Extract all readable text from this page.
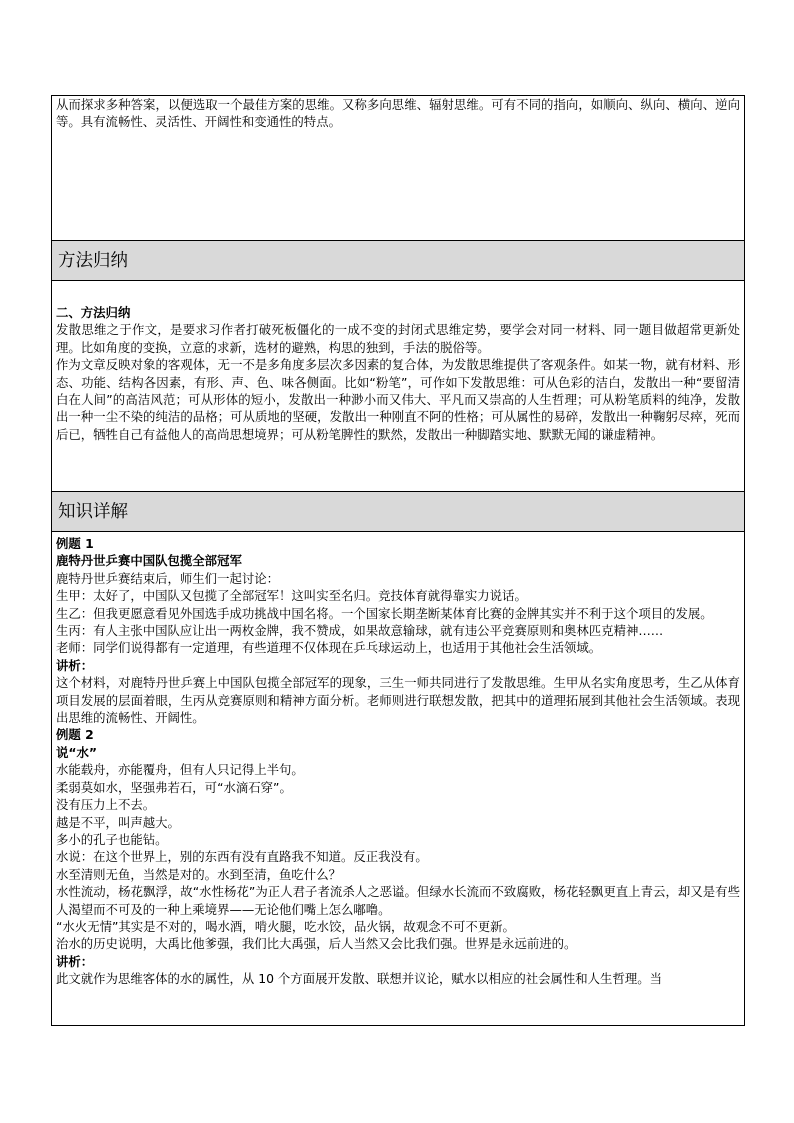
从而探求多种答案，以便选取一个最佳方案的思维。又称多向思维、辐射思维。可有不同的指向，如顺向、纵向、横向、逆向等。具有流畅性、灵活性、开阔性和变通性的特点。

方法归纳

二、方法归纳

发散思维之于作文，是要求习作者打破死板僵化的一成不变的封闭式思维定势，要学会对同一材料、同一题目做超常更新处理。比如角度的变换，立意的求新，选材的避熟，构思的独到，手法的脱俗等。

作为文章反映对象的客观体，无一不是多角度多层次多因素的复合体，为发散思维提供了客观条件。如某一物，就有材料、形态、功能、结构各因素，有形、声、色、味各侧面。比如“粉笔”，可作如下发散思维：可从色彩的洁白，发散出一种“要留清白在人间”的高洁风范；可从形体的短小，发散出一种渺小而又伟大、平凡而又崇高的人生哲理；可从粉笔质料的纯净，发散出一种一尘不染的纯洁的品格；可从质地的坚硬，发散出一种刚直不阿的性格；可从属性的易碎，发散出一种鞠躬尽瘁，死而后已，牺牲自己有益他人的高尚思想境界；可从粉笔脾性的默然，发散出一种脚踏实地、默默无闻的谦虚精神。

知识详解

例题 1

鹿特丹世乒赛中国队包揽全部冠军

鹿特丹世乒赛结束后，师生们一起讨论：

生甲：太好了，中国队又包揽了全部冠军！这叫实至名归。竞技体育就得靠实力说话。

生乙：但我更愿意看见外国选手成功挑战中国名将。一个国家长期垄断某体育比赛的金牌其实并不利于这个项目的发展。

生丙：有人主张中国队应让出一两枚金牌，我不赞成，如果故意输球，就有违公平竞赛原则和奥林匹克精神……

老师：同学们说得都有一定道理，有些道理不仅体现在乒乓球运动上，也适用于其他社会生活领域。

讲析：

这个材料，对鹿特丹世乒赛上中国队包揽全部冠军的现象，三生一师共同进行了发散思维。生甲从名实角度思考，生乙从体育项目发展的层面着眼，生丙从竞赛原则和精神方面分析。老师则进行联想发散，把其中的道理拓展到其他社会生活领域。表现出思维的流畅性、开阔性。

例题 2

说“水”

水能载舟，亦能覆舟，但有人只记得上半句。

柔弱莫如水，坚强弗若石，可“水滴石穿”。

没有压力上不去。

越是不平，叫声越大。

多小的孔子也能钻。

水说：在这个世界上，别的东西有没有直路我不知道。反正我没有。

水至清则无鱼，当然是对的。水到至清，鱼吃什么？

水性流动，杨花飘浮，故“水性杨花”为正人君子者流杀人之恶谥。但绿水长流而不致腐败，杨花轻飘更直上青云，却又是有些人渴望而不可及的一种上乘境界——无论他们嘴上怎么嘟噜。

“水火无情”其实是不对的，喝水酒，啃火腿，吃水饺，品火锅，故观念不可不更新。

治水的历史说明，大禹比他爹强，我们比大禹强，后人当然又会比我们强。世界是永远前进的。

讲析：

此文就作为思维客体的水的属性，从 10 个方面展开发散、联想并议论，赋水以相应的社会属性和人生哲理。当
